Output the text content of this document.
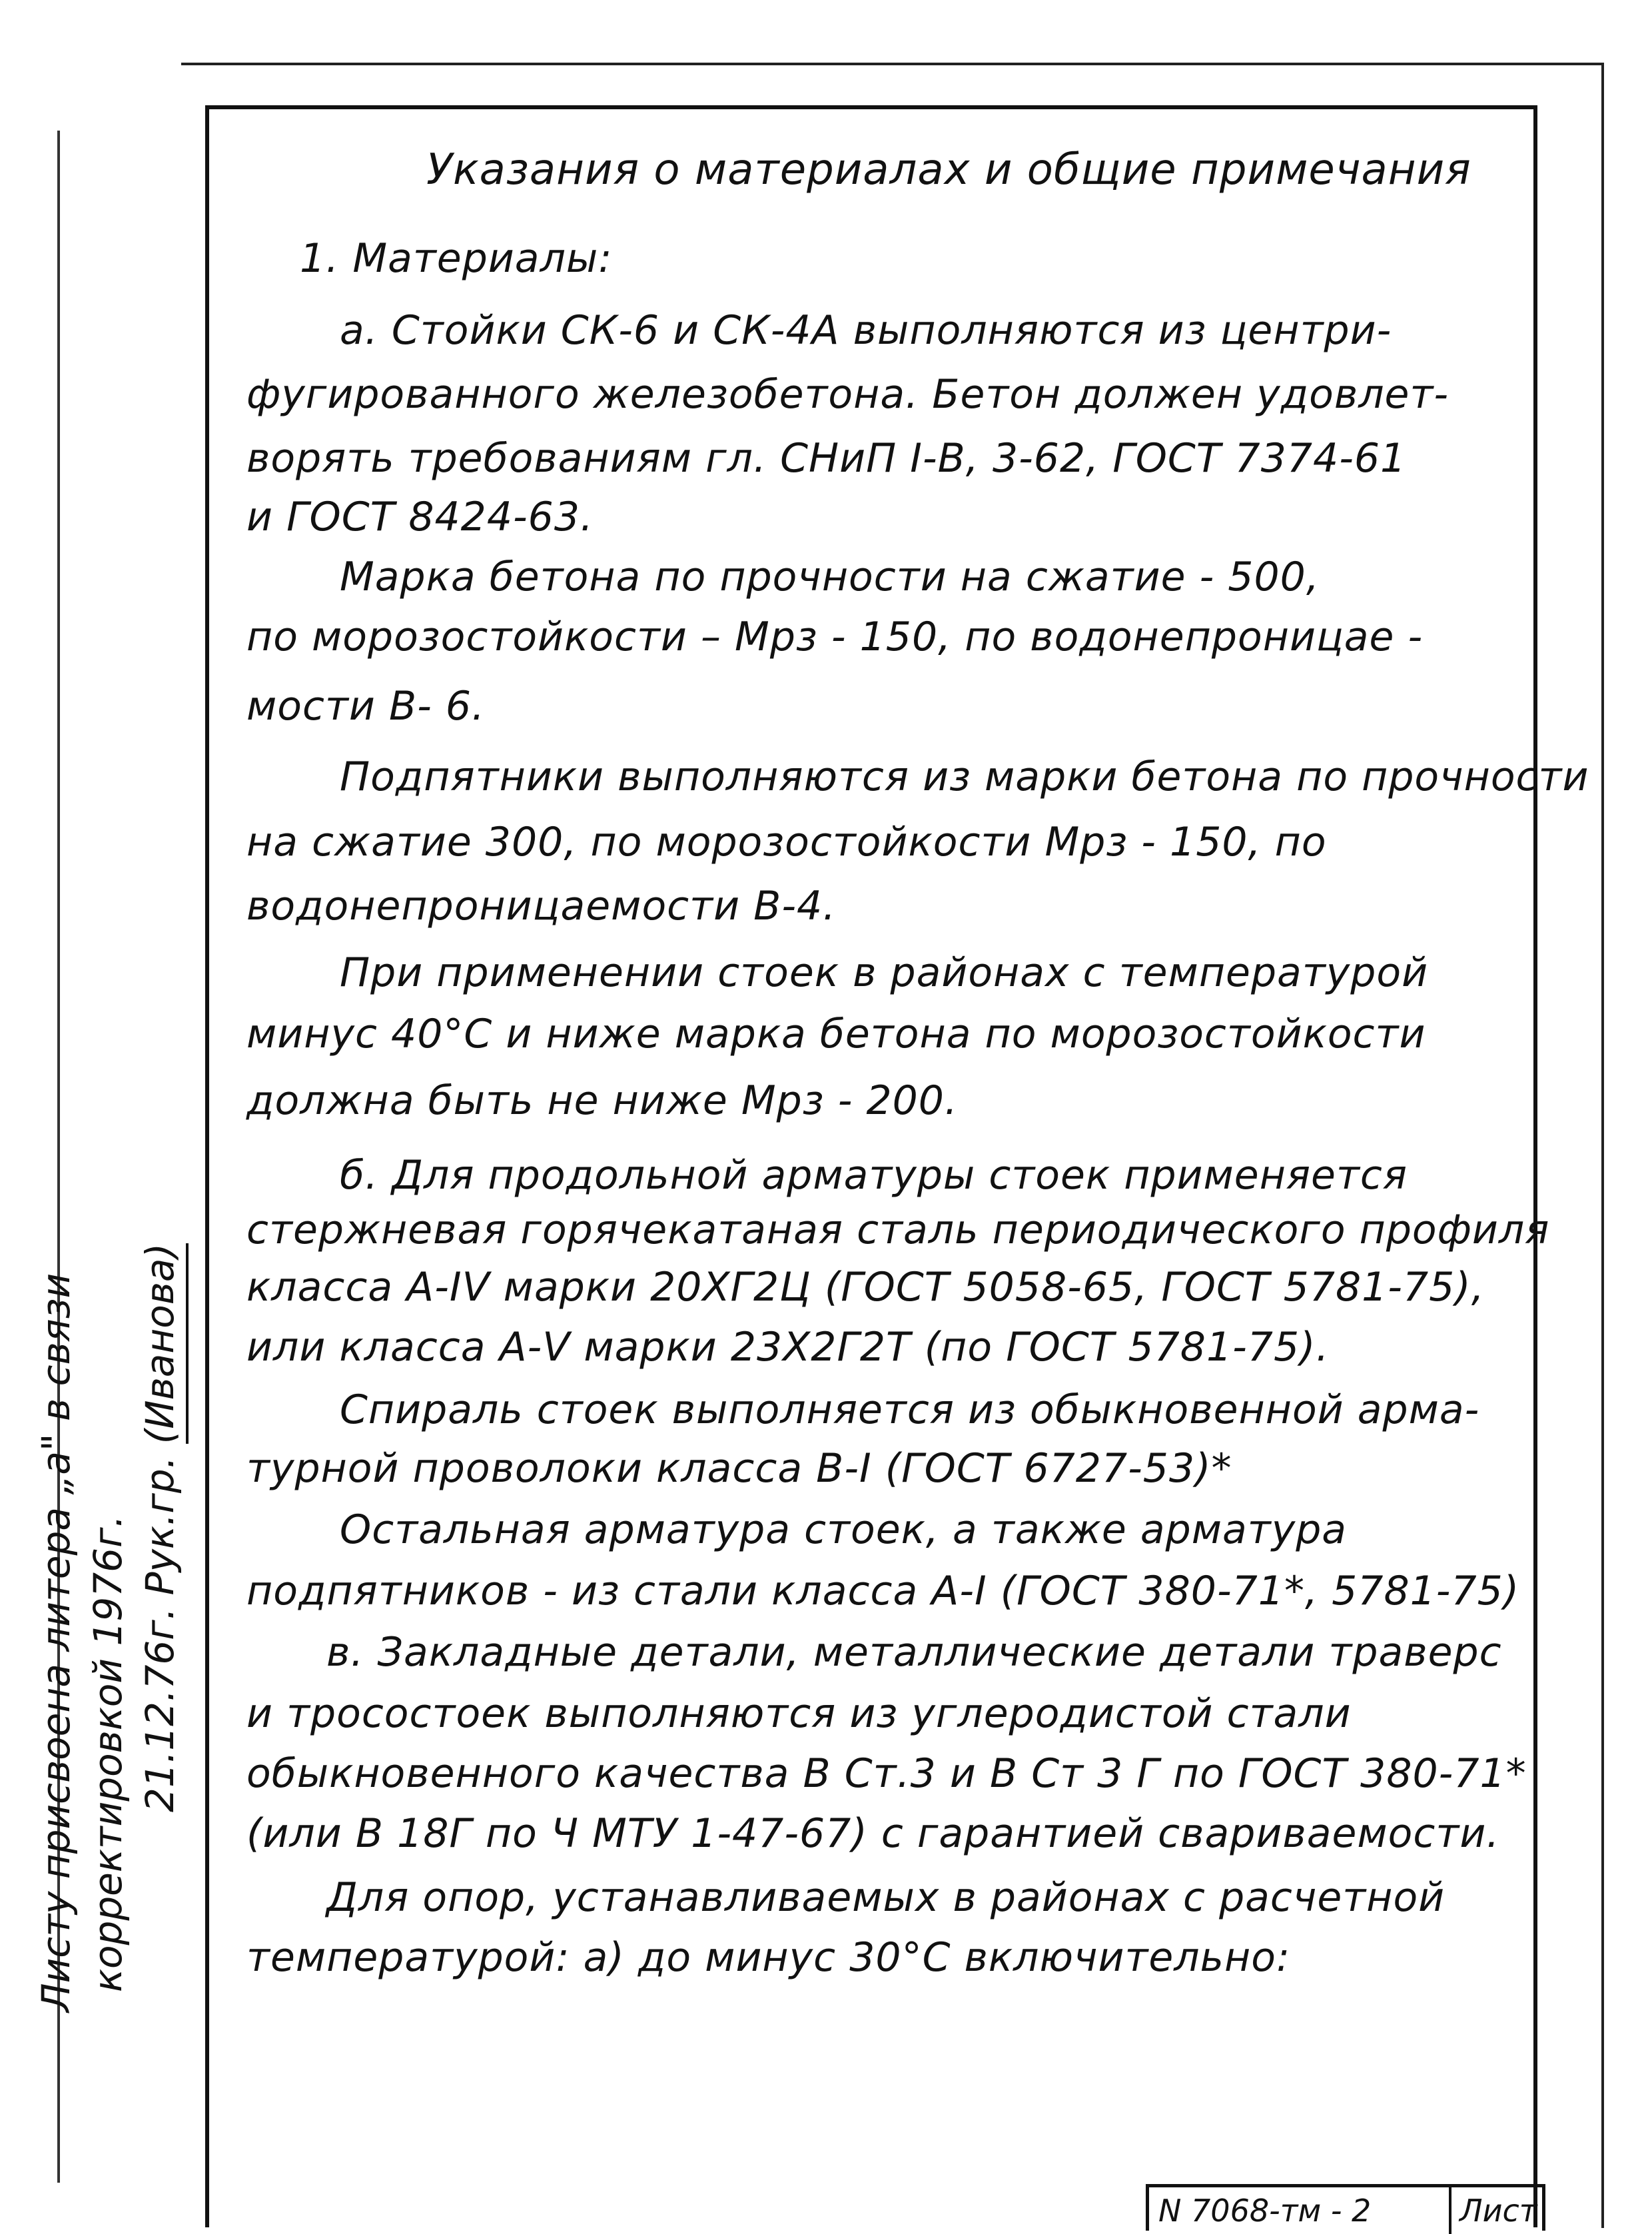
Листу присвоена литера „а" в связи корректировкой 1976г. 21.12.76г. Рук.гр. (Иванова)
Указания о материалах и общие примечания
1. Материалы:
а. Стойки СК-6 и СК-4А выполняются из центри-
фугированного железобетона. Бетон должен удовлет-
ворять требованиям гл. СНиП I-В, 3-62, ГОСТ 7374-61
и ГОСТ 8424-63.
Марка бетона по прочности на сжатие - 500,
по морозостойкости – Мрз - 150, по водонепроницае -
мости В- 6.
Подпятники выполняются из марки бетона по прочности
на сжатие 300, по морозостойкости Мрз - 150, по
водонепроницаемости В-4.
При применении стоек в районах с температурой
минус 40°С и ниже марка бетона по морозостойкости
должна быть не ниже Мрз - 200.
б. Для продольной арматуры стоек применяется
стержневая горячекатаная сталь периодического профиля
класса А-IV марки 20ХГ2Ц (ГОСТ 5058-65, ГОСТ 5781-75),
или класса А-V марки 23Х2Г2Т (по ГОСТ 5781-75).
Спираль стоек выполняется из обыкновенной арма-
турной проволоки класса В-I (ГОСТ 6727-53)*
Остальная арматура стоек, а также арматура
подпятников - из стали класса А-I (ГОСТ 380-71*, 5781-75)
в. Закладные детали, металлические детали траверс
и тросостоек выполняются из углеродистой стали
обыкновенного качества В Ст.3 и В Ст 3 Г по ГОСТ 380-71*
(или В 18Г по Ч МТУ 1-47-67) с гарантией свариваемости.
Для опор, устанавливаемых в районах с расчетной
температурой: а) до минус 30°С включительно:
N 7068-тм - 2	Лист
